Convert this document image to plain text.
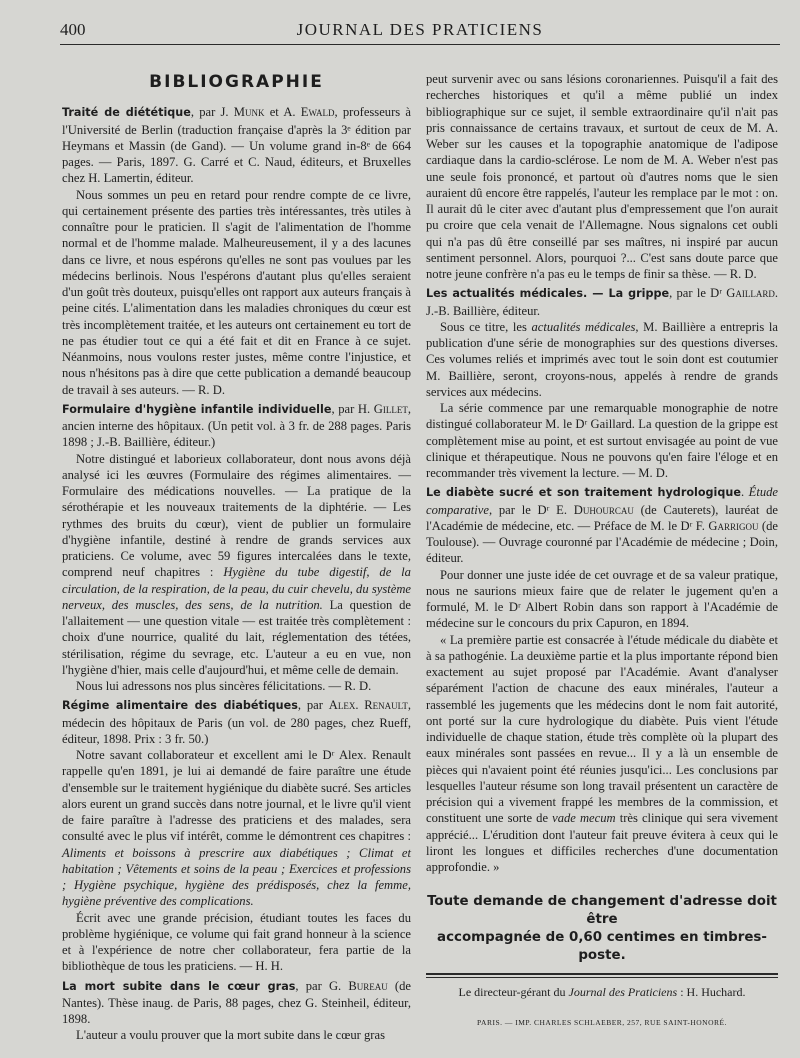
400	JOURNAL DES PRATICIENS
BIBLIOGRAPHIE

Traité de diététique, par J. Munk et A. Ewald, professeurs à l'Université de Berlin (traduction française d'après la 3ᵉ édition par Heymans et Massin (de Gand). — Un volume grand in-8ᵉ de 664 pages. — Paris, 1897. G. Carré et C. Naud, éditeurs, et Bruxelles chez H. Lamertin, éditeur.

Nous sommes un peu en retard pour rendre compte de ce livre, qui certainement présente des parties très intéressantes, très utiles à connaître pour le praticien. Il s'agit de l'alimentation de l'homme normal et de l'homme malade. Malheureusement, il y a des lacunes dans ce livre, et nous espérons qu'elles ne sont pas voulues par les médecins berlinois. Nous l'espérons d'autant plus qu'elles seraient d'un goût très douteux, puisqu'elles ont rapport aux auteurs français à peine cités. L'alimentation dans les maladies chroniques du cœur est très incomplètement traitée, et les auteurs ont certainement eu tort de ne pas étudier tout ce qui a été fait et dit en France à ce sujet. Néanmoins, nous voulons rester justes, même contre l'injustice, et nous n'hésitons pas à dire que cette publication a demandé beaucoup de travail à ses auteurs. — R. D.

Formulaire d'hygiène infantile individuelle, par H. Gillet, ancien interne des hôpitaux. (Un petit vol. à 3 fr. de 288 pages. Paris 1898 ; J.-B. Baillière, éditeur.)

Notre distingué et laborieux collaborateur, dont nous avons déjà analysé ici les œuvres (Formulaire des régimes alimentaires. — Formulaire des médications nouvelles. — La pratique de la sérothérapie et les nouveaux traitements de la diphtérie. — Les rythmes des bruits du cœur), vient de publier un formulaire d'hygiène infantile, destiné à rendre de grands services aux praticiens. Ce volume, avec 59 figures intercalées dans le texte, comprend neuf chapitres : Hygiène du tube digestif, de la circulation, de la respiration, de la peau, du cuir chevelu, du système nerveux, des muscles, des sens, de la nutrition. La question de l'allaitement — une question vitale — est traitée très complètement : choix d'une nourrice, qualité du lait, réglementation des tétées, stérilisation, régime du sevrage, etc. L'auteur a eu en vue, non l'hygiène d'hier, mais celle d'aujourd'hui, et même celle de demain.

Nous lui adressons nos plus sincères félicitations. — R. D.

Régime alimentaire des diabétiques, par Alex. Renault, médecin des hôpitaux de Paris (un vol. de 280 pages, chez Rueff, éditeur, 1898. Prix : 3 fr. 50.)

Notre savant collaborateur et excellent ami le Dʳ Alex. Renault rappelle qu'en 1891, je lui ai demandé de faire paraître une étude d'ensemble sur le traitement hygiénique du diabète sucré. Ses articles alors eurent un grand succès dans notre journal, et le livre qu'il vient de faire paraître à l'adresse des praticiens et des malades, sera consulté avec le plus vif intérêt, comme le démontrent ces chapitres : Aliments et boissons à prescrire aux diabétiques ; Climat et habitation ; Vêtements et soins de la peau ; Exercices et professions ; Hygiène psychique, hygiène des prédisposés, chez la femme, hygiène préventive des complications.

Écrit avec une grande précision, étudiant toutes les faces du problème hygiénique, ce volume qui fait grand honneur à la science et à l'expérience de notre cher collaborateur, fera partie de la bibliothèque de tous les praticiens. — H. H.

La mort subite dans le cœur gras, par G. Bureau (de Nantes). Thèse inaug. de Paris, 88 pages, chez G. Steinheil, éditeur, 1898.

L'auteur a voulu prouver que la mort subite dans le cœur gras

peut survenir avec ou sans lésions coronariennes. Puisqu'il a fait des recherches historiques et qu'il a même publié un index bibliographique sur ce sujet, il semble extraordinaire qu'il n'ait pas pris connaissance de certains travaux, et surtout de ceux de M. A. Weber sur les causes et la topographie anatomique de l'adipose cardiaque dans la cardio-sclérose. Le nom de M. A. Weber n'est pas une seule fois prononcé, et partout où d'autres noms que le sien auraient dû encore être rappelés, l'auteur les remplace par le mot : on. Il aurait dû le citer avec d'autant plus d'empressement que l'on aurait pu croire que cela venait de l'Allemagne. Nous signalons cet oubli qui n'a pas dû être conseillé par ses maîtres, ni inspiré par aucun sentiment personnel. Alors, pourquoi ?... C'est sans doute parce que notre jeune confrère n'a pas eu le temps de finir sa thèse. — R. D.

Les actualités médicales. — La grippe, par le Dʳ Gaillard. J.-B. Baillière, éditeur.

Sous ce titre, les actualités médicales, M. Baillière a entrepris la publication d'une série de monographies sur des questions diverses. Ces volumes reliés et imprimés avec tout le soin dont est coutumier M. Baillière, seront, croyons-nous, appelés à rendre de grands services aux médecins.

La série commence par une remarquable monographie de notre distingué collaborateur M. le Dʳ Gaillard. La question de la grippe est complètement mise au point, et est surtout envisagée au point de vue clinique et thérapeutique. Nous ne pouvons qu'en faire l'éloge et en recommander très vivement la lecture. — M. D.

Le diabète sucré et son traitement hydrologique. Étude comparative, par le Dʳ E. Duhourcau (de Cauterets), lauréat de l'Académie de médecine, etc. — Préface de M. le Dʳ F. Garrigou (de Toulouse). — Ouvrage couronné par l'Académie de médecine ; Doin, éditeur.

Pour donner une juste idée de cet ouvrage et de sa valeur pratique, nous ne saurions mieux faire que de relater le jugement qu'en a formulé, M. le Dʳ Albert Robin dans son rapport à l'Académie de médecine sur le concours du prix Capuron, en 1894.

« La première partie est consacrée à l'étude médicale du diabète et à sa pathogénie. La deuxième partie et la plus importante répond bien exactement au sujet proposé par l'Académie. Avant d'analyser séparément l'action de chacune des eaux minérales, l'auteur a rassemblé les jugements que les médecins dont le nom fait autorité, ont porté sur la cure hydrologique du diabète. Puis vient l'étude individuelle de chaque station, étude très complète où la plupart des eaux minérales sont passées en revue... Il y a là un ensemble de pièces qui n'avaient point été réunies jusqu'ici... Les conclusions par lesquelles l'auteur résume son long travail présentent un caractère de précision qui a vivement frappé les membres de la commission, et constituent une sorte de vade mecum très clinique qui sera vivement apprécié... L'érudition dont l'auteur fait preuve évitera à ceux qui le liront les longues et difficiles recherches d'une documentation approfondie. »

Toute demande de changement d'adresse doit être
accompagnée de 0,60 centimes en timbres-poste.
Le directeur-gérant du Journal des Praticiens : H. Huchard.
PARIS. — IMP. CHARLES SCHLAEBER, 257, RUE SAINT-HONORÉ.
